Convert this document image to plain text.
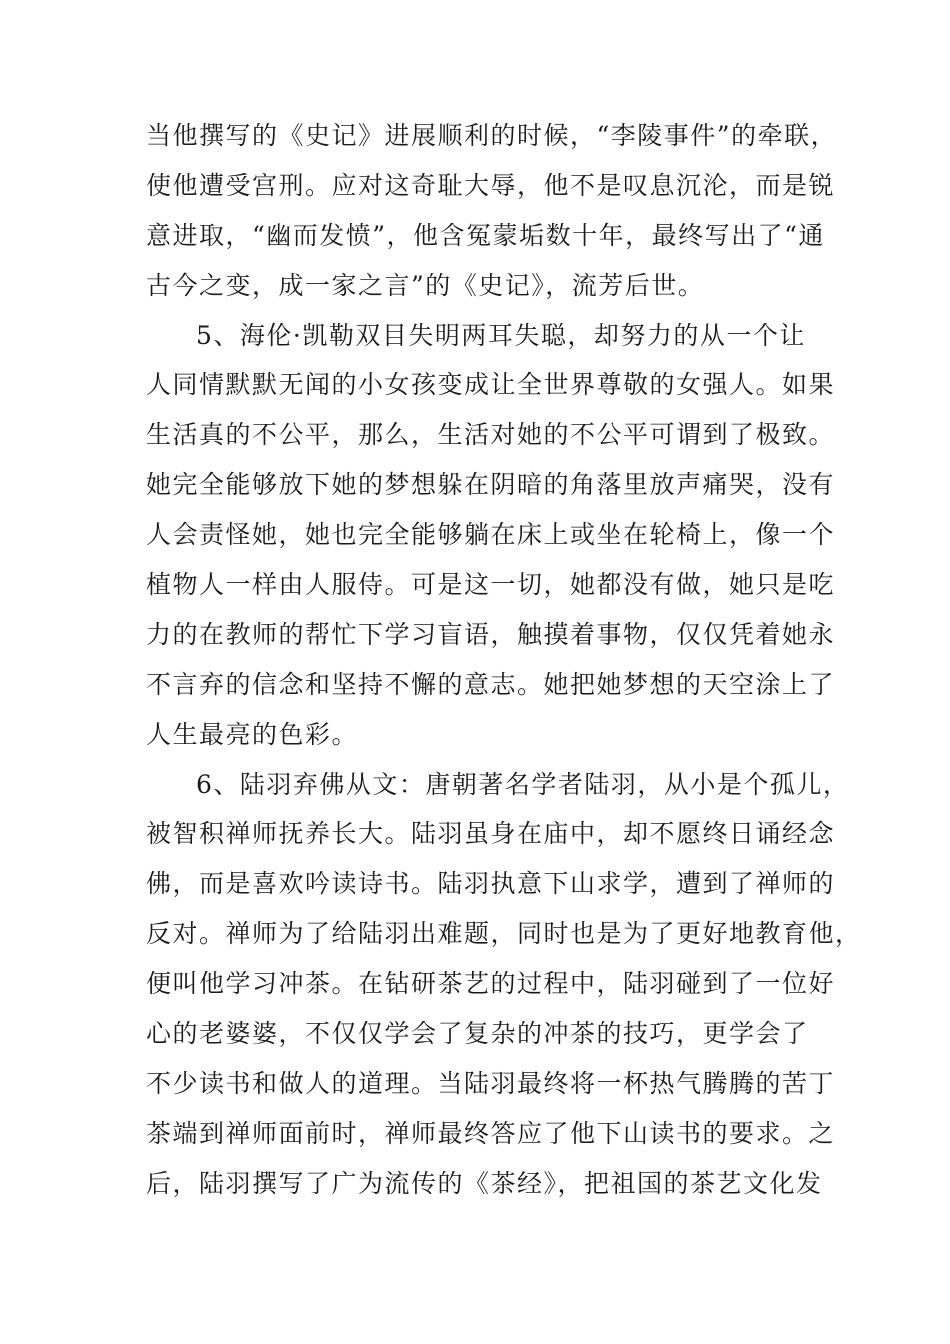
当他撰写的《史记》进展顺利的时候，“李陵事件”的牵联，
使他遭受宫刑。应对这奇耻大辱，他不是叹息沉沦，而是锐
意进取，“幽而发愤”，他含冤蒙垢数十年，最终写出了“通
古今之变，成一家之言”的《史记》，流芳后世。
5、海伦·凯勒双目失明两耳失聪，却努力的从一个让
人同情默默无闻的小女孩变成让全世界尊敬的女强人。如果
生活真的不公平，那么，生活对她的不公平可谓到了极致。
她完全能够放下她的梦想躲在阴暗的角落里放声痛哭，没有
人会责怪她，她也完全能够躺在床上或坐在轮椅上，像一个
植物人一样由人服侍。可是这一切，她都没有做，她只是吃
力的在教师的帮忙下学习盲语，触摸着事物，仅仅凭着她永
不言弃的信念和坚持不懈的意志。她把她梦想的天空涂上了
人生最亮的色彩。
6、陆羽弃佛从文：唐朝著名学者陆羽，从小是个孤儿，
被智积禅师抚养长大。陆羽虽身在庙中，却不愿终日诵经念
佛，而是喜欢吟读诗书。陆羽执意下山求学，遭到了禅师的
反对。禅师为了给陆羽出难题，同时也是为了更好地教育他，
便叫他学习冲茶。在钻研茶艺的过程中，陆羽碰到了一位好
心的老婆婆，不仅仅学会了复杂的冲茶的技巧，更学会了
不少读书和做人的道理。当陆羽最终将一杯热气腾腾的苦丁
茶端到禅师面前时，禅师最终答应了他下山读书的要求。之
后，陆羽撰写了广为流传的《茶经》，把祖国的茶艺文化发
